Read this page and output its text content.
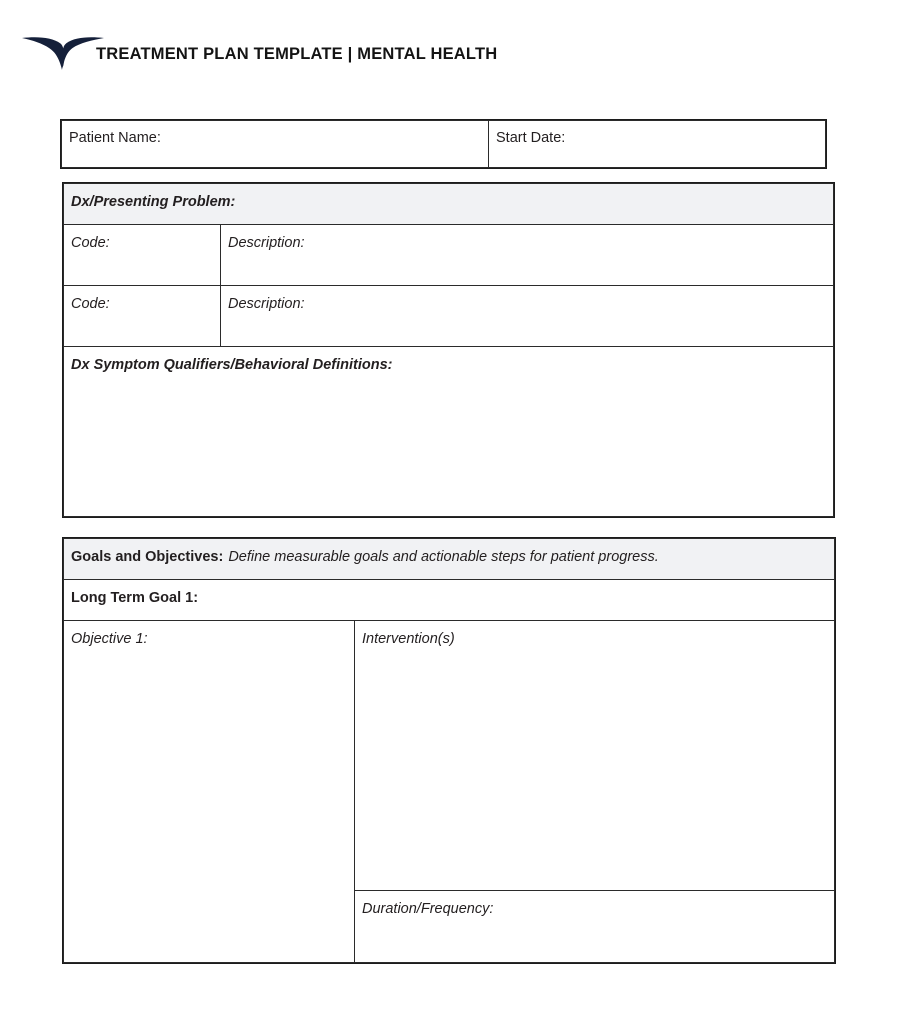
TREATMENT PLAN TEMPLATE | MENTAL HEALTH
Patient Name:	Start Date:
Dx/Presenting Problem:	

Code:	Description:

Code:	Description:

Dx Symptom Qualifiers/Behavioral Definitions:	
Goals and Objectives: Define measurable goals and actionable steps for patient progress.

Long Term Goal 1:

Objective 1:	Intervention(s)

Duration/Frequency:
